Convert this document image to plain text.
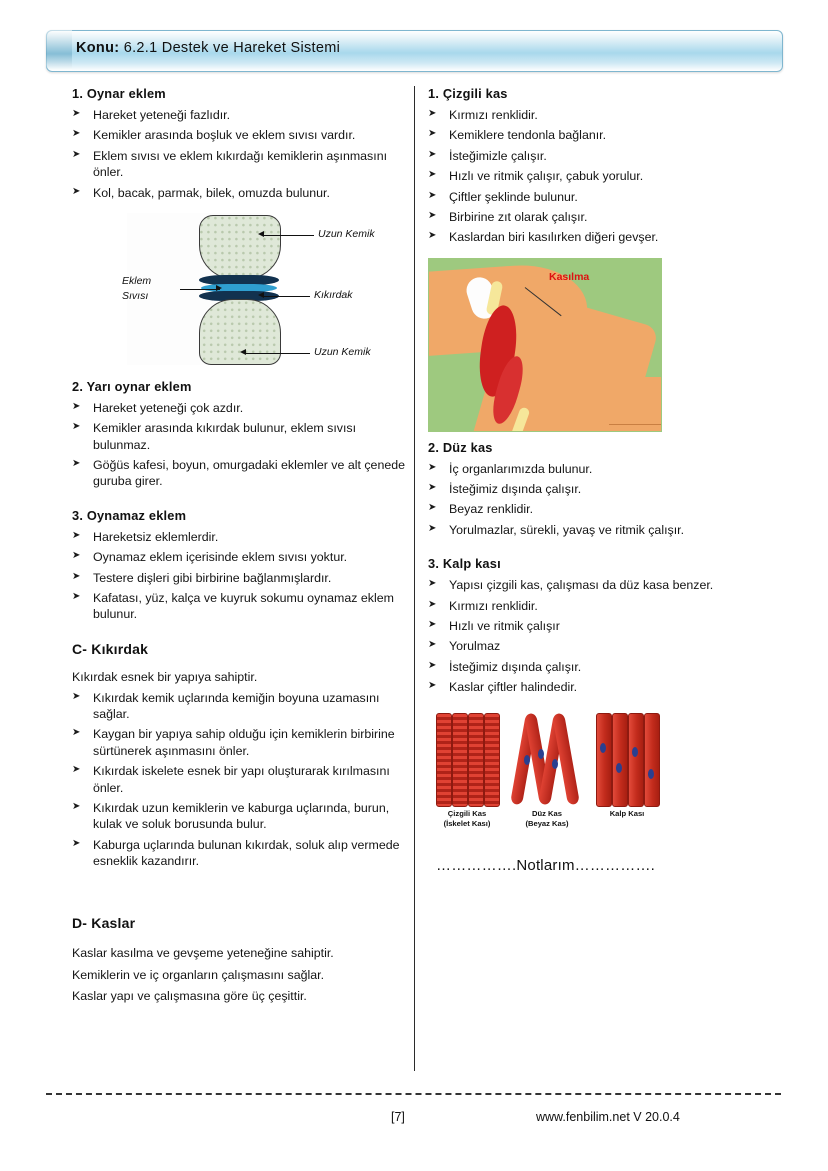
Konu: 6.2.1 Destek ve Hareket Sistemi
1. Oynar eklem
➤ Hareket yeteneği fazlıdır.
➤ Kemikler arasında boşluk ve eklem sıvısı vardır.
➤ Eklem sıvısı ve eklem kıkırdağı kemiklerin aşınmasını önler.
➤ Kol, bacak, parmak, bilek, omuzda bulunur.
Uzun Kemik
Kıkırdak
Eklem
Sıvısı
Uzun Kemik
2. Yarı oynar eklem
➤ Hareket yeteneği çok azdır.
➤ Kemikler arasında kıkırdak bulunur, eklem sıvısı bulunmaz.
➤ Göğüs kafesi, boyun, omurgadaki eklemler ve alt çenede guruba girer.
3. Oynamaz eklem
➤ Hareketsiz eklemlerdir.
➤ Oynamaz eklem içerisinde eklem sıvısı yoktur.
➤ Testere dişleri gibi birbirine bağlanmışlardır.
➤ Kafatası, yüz, kalça ve kuyruk sokumu oynamaz eklem bulunur.
C- Kıkırdak

Kıkırdak esnek bir yapıya sahiptir.

➤ Kıkırdak kemik uçlarında kemiğin boyuna uzamasını sağlar.
➤ Kaygan bir yapıya sahip olduğu için kemiklerin birbirine sürtünerek aşınmasını önler.
➤ Kıkırdak iskelete esnek bir yapı oluşturarak kırılmasını önler.
➤ Kıkırdak uzun kemiklerin ve kaburga uçlarında, burun, kulak ve soluk borusunda bulur.
➤ Kaburga uçlarında bulunan kıkırdak, soluk alıp vermede esneklik kazandırır.
D- Kaslar

Kaslar kasılma ve gevşeme yeteneğine sahiptir.

Kemiklerin ve iç organların çalışmasını sağlar.

Kaslar yapı ve çalışmasına göre üç çeşittir.

1. Çizgili kas
➤ Kırmızı renklidir.
➤ Kemiklere tendonla bağlanır.
➤ İsteğimizle çalışır.
➤ Hızlı ve ritmik çalışır, çabuk yorulur.
➤ Çiftler şeklinde bulunur.
➤ Birbirine zıt olarak çalışır.
➤ Kaslardan biri kasılırken diğeri gevşer.
Kasılma
2. Düz kas
➤ İç organlarımızda bulunur.
➤ İsteğimiz dışında çalışır.
➤ Beyaz renklidir.
➤ Yorulmazlar, sürekli, yavaş ve ritmik çalışır.
3. Kalp kası
➤ Yapısı çizgili kas, çalışması da düz kasa benzer.
➤ Kırmızı renklidir.
➤ Hızlı ve ritmik çalışır
➤ Yorulmaz
➤ İsteğimiz dışında çalışır.
➤ Kaslar çiftler halindedir.
Çizgili Kas
(İskelet Kası)
Düz Kas
(Beyaz Kas)
Kalp Kası
…………….Notlarım…………….
[7]	www.fenbilim.net V 20.0.4
